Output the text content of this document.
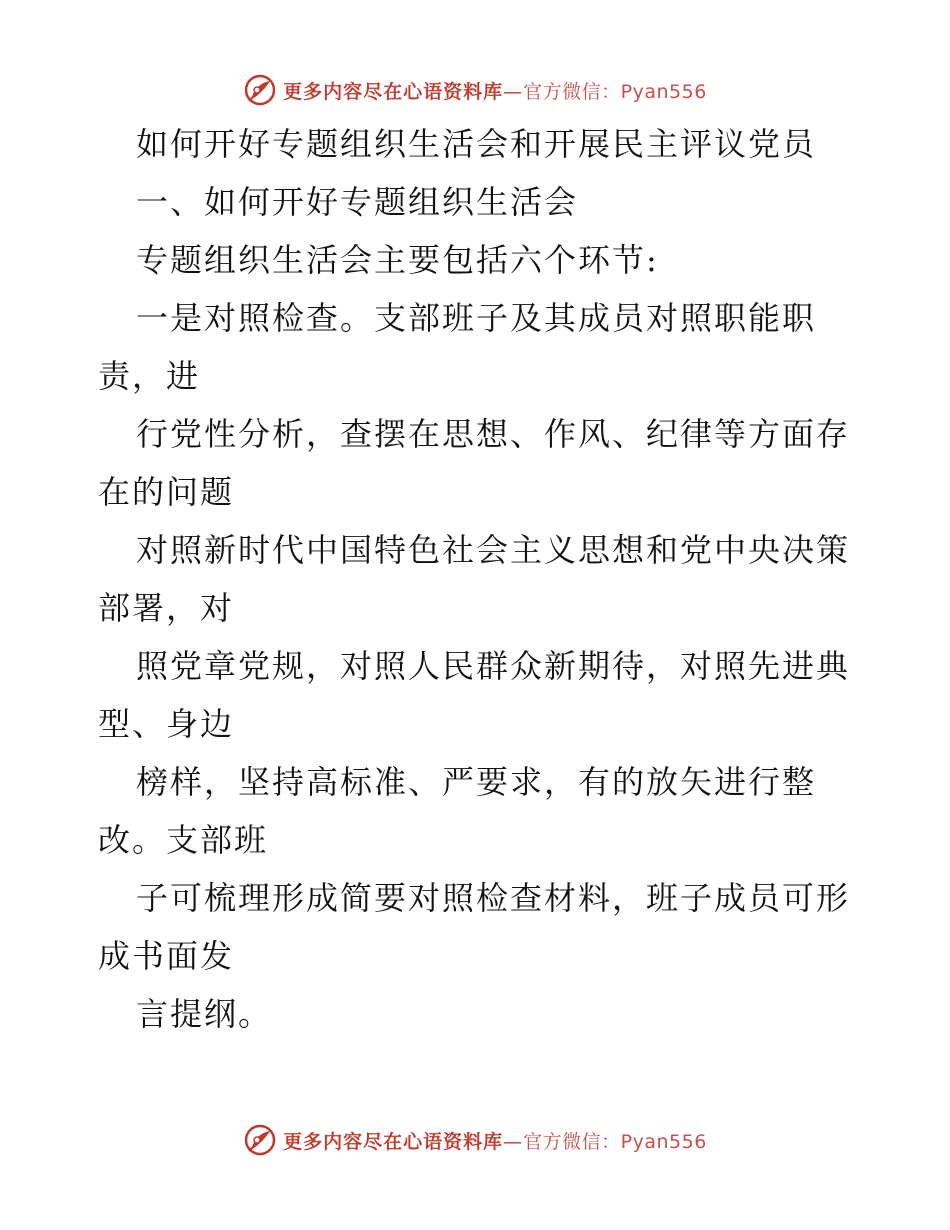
更多内容尽在心语资料库—官方微信：Pyan556
如何开好专题组织生活会和开展民主评议党员
一、如何开好专题组织生活会
专题组织生活会主要包括六个环节:
一是对照检查。支部班子及其成员对照职能职
责，进
行党性分析，查摆在思想、作风、纪律等方面存
在的问题
对照新时代中国特色社会主义思想和党中央决策
部署，对
照党章党规，对照人民群众新期待，对照先进典
型、身边
榜样，坚持高标准、严要求，有的放矢进行整
改。支部班
子可梳理形成简要对照检查材料，班子成员可形
成书面发
言提纲。
更多内容尽在心语资料库—官方微信：Pyan556
